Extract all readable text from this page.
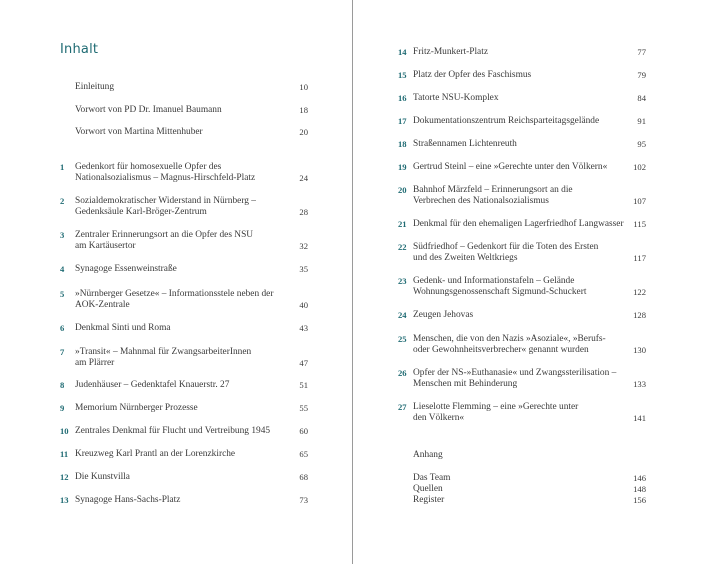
Inhalt
Einleitung	10
Vorwort von PD Dr. Imanuel Baumann	18
Vorwort von Martina Mittenhuber	20
1 Gedenkort für homosexuelle Opfer des
Nationalsozialismus – Magnus-Hirschfeld-Platz	24
2 Sozialdemokratischer Widerstand in Nürnberg –
Gedenksäule Karl-Bröger-Zentrum	28
3 Zentraler Erinnerungsort an die Opfer des NSU
am Kartäusertor	32
4 Synagoge Essenweinstraße	35
5 »Nürnberger Gesetze« – Informationsstele neben der
AOK-Zentrale	40
6 Denkmal Sinti und Roma	43
7 »Transit« – Mahnmal für ZwangsarbeiterInnen
am Plärrer	47
8 Judenhäuser – Gedenktafel Knauerstr. 27	51
9 Memorium Nürnberger Prozesse	55
10 Zentrales Denkmal für Flucht und Vertreibung 1945	60
11 Kreuzweg Karl Prantl an der Lorenzkirche	65
12 Die Kunstvilla	68
13 Synagoge Hans-Sachs-Platz	73
14 Fritz-Munkert-Platz	77
15 Platz der Opfer des Faschismus	79
16 Tatorte NSU-Komplex	84
17 Dokumentationszentrum Reichsparteitagsgelände	91
18 Straßennamen Lichtenreuth	95
19 Gertrud Steinl – eine »Gerechte unter den Völkern«	102
20 Bahnhof Märzfeld – Erinnerungsort an die
Verbrechen des Nationalsozialismus	107
21 Denkmal für den ehemaligen Lagerfriedhof Langwasser 115
22 Südfriedhof – Gedenkort für die Toten des Ersten
und des Zweiten Weltkriegs	117
23 Gedenk- und Informationstafeln – Gelände
Wohnungsgenossenschaft Sigmund-Schuckert	122
24 Zeugen Jehovas	128
25 Menschen, die von den Nazis »Asoziale«, »Berufs-
oder Gewohnheitsverbrecher« genannt wurden	130
26 Opfer der NS-»Euthanasie« und Zwangssterilisation –
Menschen mit Behinderung	133
27 Lieselotte Flemming – eine »Gerechte unter
den Völkern«	141
Anhang
Das Team	146
Quellen	148
Register	156
